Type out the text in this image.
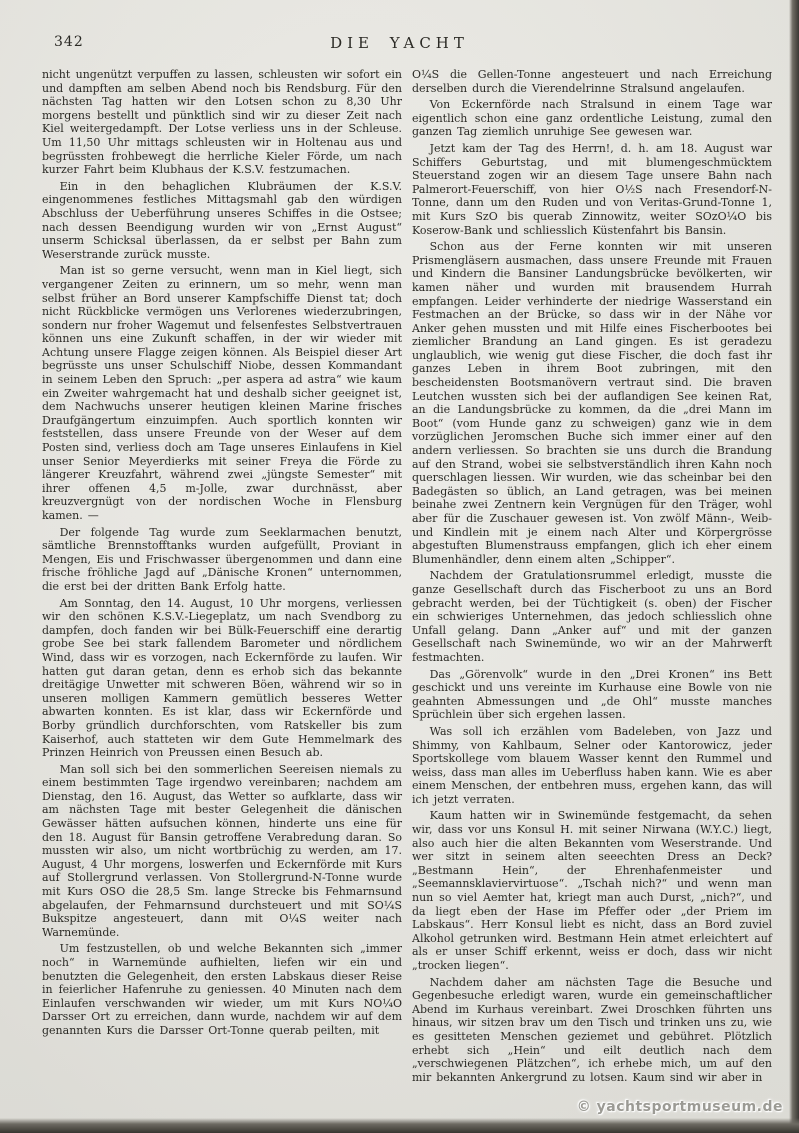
342	DIE YACHT

nicht ungenützt verpuffen zu lassen, schleusten wir sofort ein und dampften am selben Abend noch bis Rendsburg. Für den nächsten Tag hatten wir den Lotsen schon zu 8,30 Uhr morgens bestellt und pünktlich sind wir zu dieser Zeit nach Kiel weitergedampft. Der Lotse verliess uns in der Schleuse. Um 11,50 Uhr mittags schleusten wir in Holtenau aus und begrüssten frohbewegt die herrliche Kieler Förde, um nach kurzer Fahrt beim Klubhaus der K.S.V. festzumachen.

Ein in den behaglichen Klubräumen der K.S.V. eingenommenes festliches Mittagsmahl gab den würdigen Abschluss der Ueberführung unseres Schiffes in die Ostsee; nach dessen Beendigung wurden wir von „Ernst August“ unserm Schicksal überlassen, da er selbst per Bahn zum Weserstrande zurück musste.

Man ist so gerne versucht, wenn man in Kiel liegt, sich vergangener Zeiten zu erinnern, um so mehr, wenn man selbst früher an Bord unserer Kampfschiffe Dienst tat; doch nicht Rückblicke vermögen uns Verlorenes wiederzubringen, sondern nur froher Wagemut und felsenfestes Selbstvertrauen können uns eine Zukunft schaffen, in der wir wieder mit Achtung unsere Flagge zeigen können. Als Beispiel dieser Art begrüsste uns unser Schulschiff Niobe, dessen Kommandant in seinem Leben den Spruch: „per aspera ad astra“ wie kaum ein Zweiter wahrgemacht hat und deshalb sicher geeignet ist, dem Nachwuchs unserer heutigen kleinen Marine frisches Draufgängertum einzuimpfen. Auch sportlich konnten wir feststellen, dass unsere Freunde von der Weser auf dem Posten sind, verliess doch am Tage unseres Einlaufens in Kiel unser Senior Meyerdierks mit seiner Freya die Förde zu längerer Kreuzfahrt, während zwei „jüngste Semester“ mit ihrer offenen 4,5 m-Jolle, zwar durchnässt, aber kreuzvergnügt von der nordischen Woche in Flensburg kamen. —

Der folgende Tag wurde zum Seeklarmachen benutzt, sämtliche Brennstofftanks wurden aufgefüllt, Proviant in Mengen, Eis und Frischwasser übergenommen und dann eine frische fröhliche Jagd auf „Dänische Kronen“ unternommen, die erst bei der dritten Bank Erfolg hatte.

Am Sonntag, den 14. August, 10 Uhr morgens, verliessen wir den schönen K.S.V.-Liegeplatz, um nach Svendborg zu dampfen, doch fanden wir bei Bülk-Feuerschiff eine derartig grobe See bei stark fallendem Barometer und nördlichem Wind, dass wir es vorzogen, nach Eckernförde zu laufen. Wir hatten gut daran getan, denn es erhob sich das bekannte dreitägige Unwetter mit schweren Böen, während wir so in unseren molligen Kammern gemütlich besseres Wetter abwarten konnten. Es ist klar, dass wir Eckernförde und Borby gründlich durchforschten, vom Ratskeller bis zum Kaiserhof, auch statteten wir dem Gute Hemmelmark des Prinzen Heinrich von Preussen einen Besuch ab.

Man soll sich bei den sommerlichen Seereisen niemals zu einem bestimmten Tage irgendwo vereinbaren; nachdem am Dienstag, den 16. August, das Wetter so aufklarte, dass wir am nächsten Tage mit bester Gelegenheit die dänischen Gewässer hätten aufsuchen können, hinderte uns eine für den 18. August für Bansin getroffene Verabredung daran. So mussten wir also, um nicht wortbrüchig zu werden, am 17. August, 4 Uhr morgens, loswerfen und Eckernförde mit Kurs auf Stollergrund verlassen. Von Stollergrund-N-Tonne wurde mit Kurs OSO die 28,5 Sm. lange Strecke bis Fehmarnsund abgelaufen, der Fehmarnsund durchsteuert und mit SO¼S Bukspitze angesteuert, dann mit O¼S weiter nach Warnemünde.

Um festzustellen, ob und welche Bekannten sich „immer noch“ in Warnemünde aufhielten, liefen wir ein und benutzten die Gelegenheit, den ersten Labskaus dieser Reise in feierlicher Hafenruhe zu geniessen. 40 Minuten nach dem Einlaufen verschwanden wir wieder, um mit Kurs NO¼O Darsser Ort zu erreichen, dann wurde, nachdem wir auf dem genannten Kurs die Darsser Ort-Tonne querab peilten, mit

O¼S die Gellen-Tonne angesteuert und nach Erreichung derselben durch die Vierendelrinne Stralsund angelaufen.

Von Eckernförde nach Stralsund in einem Tage war eigentlich schon eine ganz ordentliche Leistung, zumal den ganzen Tag ziemlich unruhige See gewesen war.

Jetzt kam der Tag des Herrn!, d. h. am 18. August war Schiffers Geburtstag, und mit blumengeschmücktem Steuerstand zogen wir an diesem Tage unsere Bahn nach Palmerort-Feuerschiff, von hier O½S nach Fresendorf-N-Tonne, dann um den Ruden und von Veritas-Grund-Tonne 1, mit Kurs SzO bis querab Zinnowitz, weiter SOzO¼O bis Koserow-Bank und schliesslich Küstenfahrt bis Bansin.

Schon aus der Ferne konnten wir mit unseren Prismengläsern ausmachen, dass unsere Freunde mit Frauen und Kindern die Bansiner Landungsbrücke bevölkerten, wir kamen näher und wurden mit brausendem Hurrah empfangen. Leider verhinderte der niedrige Wasserstand ein Festmachen an der Brücke, so dass wir in der Nähe vor Anker gehen mussten und mit Hilfe eines Fischerbootes bei ziemlicher Brandung an Land gingen. Es ist geradezu unglaublich, wie wenig gut diese Fischer, die doch fast ihr ganzes Leben in ihrem Boot zubringen, mit den bescheidensten Bootsmanövern vertraut sind. Die braven Leutchen wussten sich bei der auflandigen See keinen Rat, an die Landungsbrücke zu kommen, da die „drei Mann im Boot“ (vom Hunde ganz zu schweigen) ganz wie in dem vorzüglichen Jeromschen Buche sich immer einer auf den andern verliessen. So brachten sie uns durch die Brandung auf den Strand, wobei sie selbstverständlich ihren Kahn noch querschlagen liessen. Wir wurden, wie das scheinbar bei den Badegästen so üblich, an Land getragen, was bei meinen beinahe zwei Zentnern kein Vergnügen für den Träger, wohl aber für die Zuschauer gewesen ist. Von zwölf Männ-, Weib- und Kindlein mit je einem nach Alter und Körpergrösse abgestuften Blumenstrauss empfangen, glich ich eher einem Blumenhändler, denn einem alten „Schipper“.

Nachdem der Gratulationsrummel erledigt, musste die ganze Gesellschaft durch das Fischerboot zu uns an Bord gebracht werden, bei der Tüchtigkeit (s. oben) der Fischer ein schwieriges Unternehmen, das jedoch schliesslich ohne Unfall gelang. Dann „Anker auf“ und mit der ganzen Gesellschaft nach Swinemünde, wo wir an der Mahrwerft festmachten.

Das „Görenvolk“ wurde in den „Drei Kronen“ ins Bett geschickt und uns vereinte im Kurhause eine Bowle von nie geahnten Abmessungen und „de Ohl“ musste manches Sprüchlein über sich ergehen lassen.

Was soll ich erzählen vom Badeleben, von Jazz und Shimmy, von Kahlbaum, Selner oder Kantorowicz, jeder Sportskollege vom blauem Wasser kennt den Rummel und weiss, dass man alles im Ueberfluss haben kann. Wie es aber einem Menschen, der entbehren muss, ergehen kann, das will ich jetzt verraten.

Kaum hatten wir in Swinemünde festgemacht, da sehen wir, dass vor uns Konsul H. mit seiner Nirwana (W.Y.C.) liegt, also auch hier die alten Bekannten vom Weserstrande. Und wer sitzt in seinem alten seeechten Dress an Deck? „Bestmann Hein“, der Ehrenhafenmeister und „Seemannsklaviervirtuose“. „Tschah nich?“ und wenn man nun so viel Aemter hat, kriegt man auch Durst, „nich?“, und da liegt eben der Hase im Pfeffer oder „der Priem im Labskaus“. Herr Konsul liebt es nicht, dass an Bord zuviel Alkohol getrunken wird. Bestmann Hein atmet erleichtert auf als er unser Schiff erkennt, weiss er doch, dass wir nicht „trocken liegen“.

Nachdem daher am nächsten Tage die Besuche und Gegenbesuche erledigt waren, wurde ein gemeinschaftlicher Abend im Kurhaus vereinbart. Zwei Droschken führten uns hinaus, wir sitzen brav um den Tisch und trinken uns zu, wie es gesitteten Menschen geziemet und gebühret. Plötzlich erhebt sich „Hein“ und eilt deutlich nach dem „verschwiegenen Plätzchen“, ich erhebe mich, um auf den mir bekannten Ankergrund zu lotsen. Kaum sind wir aber in

© yachtsportmuseum.de
